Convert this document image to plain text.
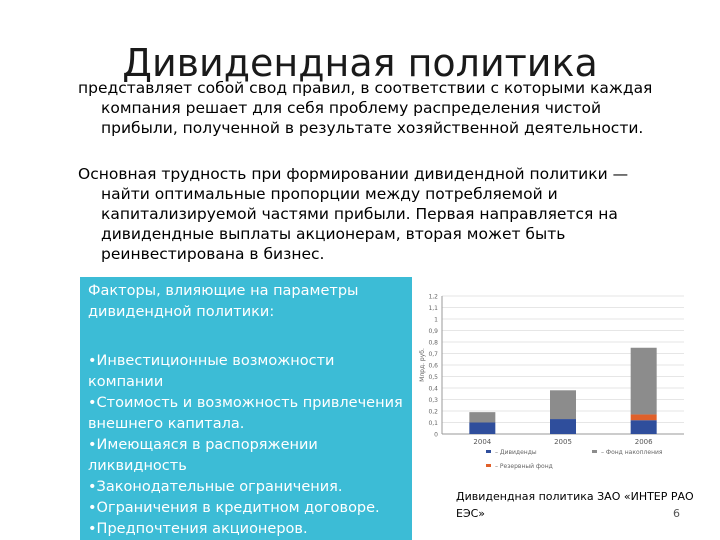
Дивидендная политика

представляет собой свод правил, в соответствии с которыми каждая компания решает для себя проблему распределения чистой прибыли, полученной в результате хозяйственной деятельности.

Основная трудность при формировании дивидендной политики — найти оптимальные пропорции между потребляемой и капитализируемой частями прибыли. Первая направляется на дивидендные выплаты акционерам, вторая может быть реинвестирована в бизнес.

Факторы, влияющие на параметры дивидендной политики:
•Инвестиционные возможности компании
•Стоимость и возможность привлечения внешнего капитала.
•Имеющаяся в распоряжении ликвидность
•Законодательные ограничения.
•Ограничения в кредитном договоре.
•Предпочтения акционеров.
0
0,1
0,2
0,3
0,4
0,5
0,6
0,7
0,8
0,9
1
1,1
1,2
Млрд. руб.
2004	2005	2006
– Дивиденды
– Резервный фонд
– Фонд накопления
Дивидендная политика ЗАО «ИНТЕР РАО ЕЭС»	6
